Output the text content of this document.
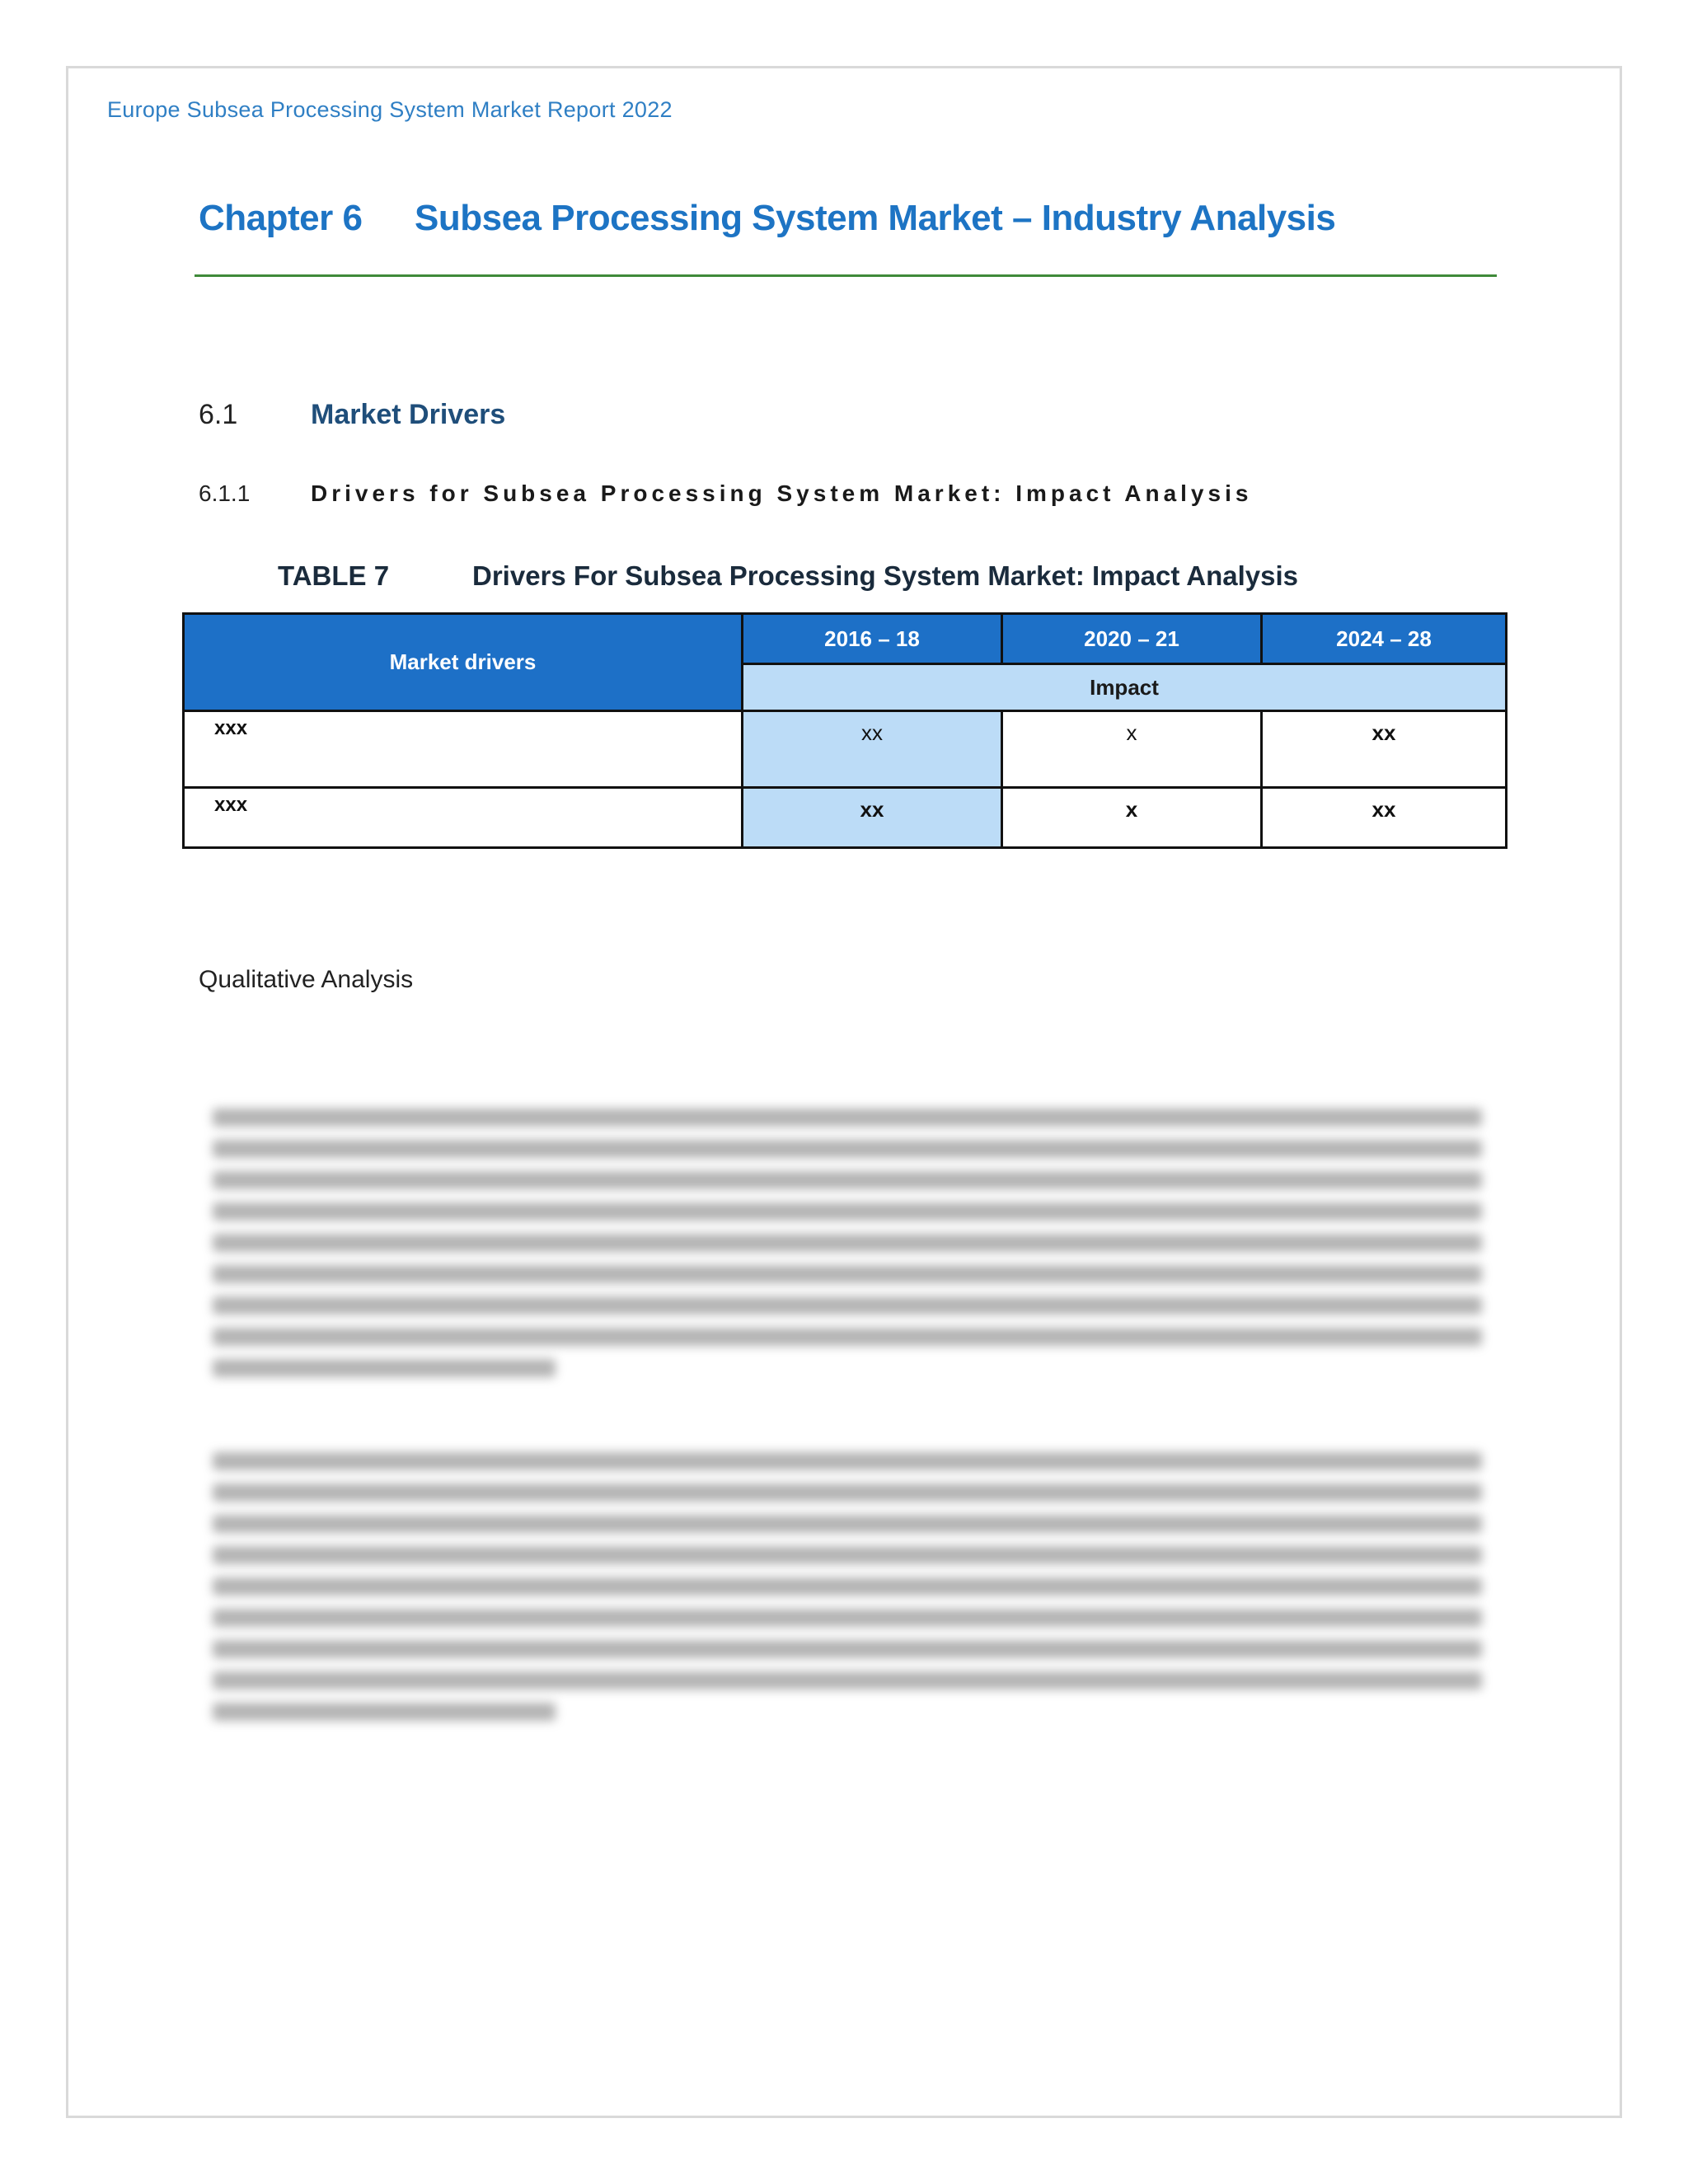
Europe Subsea Processing System Market Report 2022
Chapter 6 Subsea Processing System Market – Industry Analysis
6.1	Market Drivers
6.1.1	Drivers for Subsea Processing System Market: Impact Analysis
TABLE 7	Drivers For Subsea Processing System Market: Impact Analysis
Market drivers	2016 – 18	2020 – 21	2024 – 28
	Impact		
xxx	xx	x	xx
xxx	xx	x	xx
Qualitative Analysis
